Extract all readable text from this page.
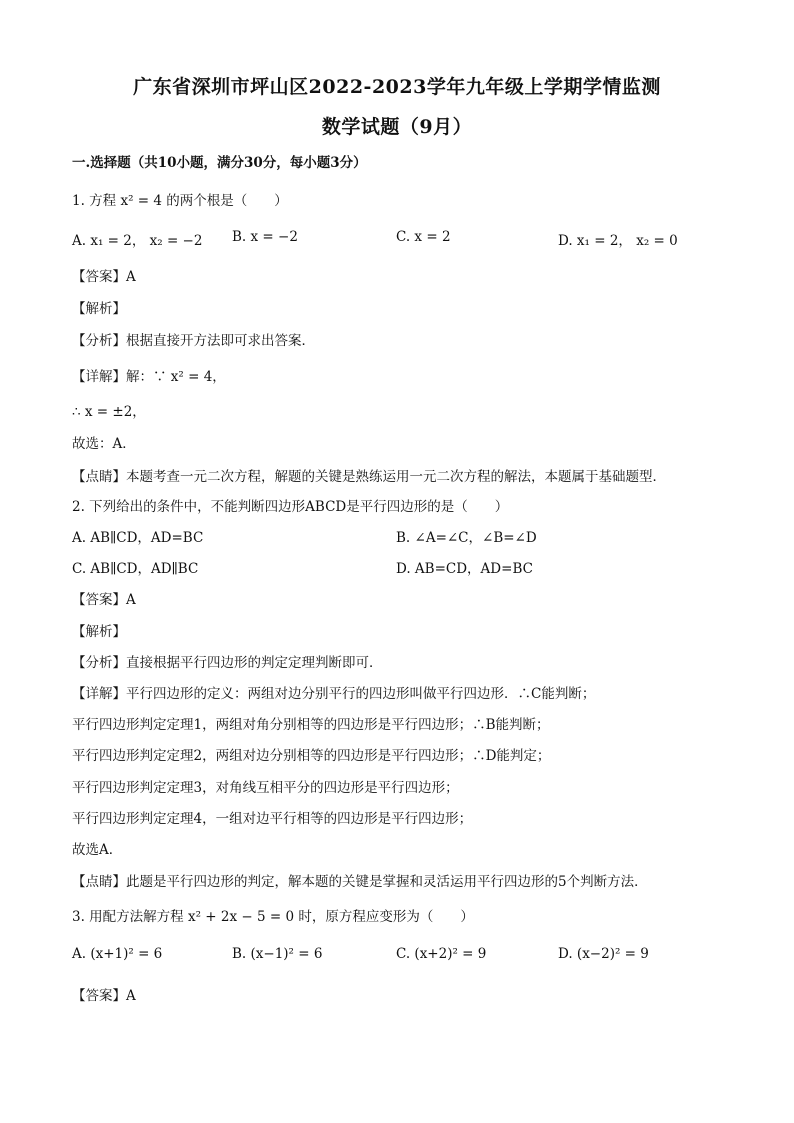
广东省深圳市坪山区2022-2023学年九年级上学期学情监测
数学试题（9月）
一.选择题（共10小题，满分30分，每小题3分）
1. 方程 x² = 4 的两个根是（　　）
A. x₁ = 2， x₂ = −2 B. x = −2	C. x = 2	D. x₁ = 2， x₂ = 0
【答案】A
【解析】
【分析】根据直接开方法即可求出答案．
【详解】解：∵ x² = 4，
∴ x = ±2，
故选：A．
【点睛】本题考查一元二次方程，解题的关键是熟练运用一元二次方程的解法，本题属于基础题型．
2. 下列给出的条件中，不能判断四边形ABCD是平行四边形的是（　　）
A. AB∥CD，AD=BC	B. ∠A=∠C，∠B=∠D
C. AB∥CD，AD∥BC	D. AB=CD，AD=BC
【答案】A
【解析】
【分析】直接根据平行四边形的判定定理判断即可．
【详解】平行四边形的定义：两组对边分别平行的四边形叫做平行四边形．∴C能判断；
平行四边形判定定理1，两组对角分别相等的四边形是平行四边形；∴B能判断；
平行四边形判定定理2，两组对边分别相等的四边形是平行四边形；∴D能判定；
平行四边形判定定理3，对角线互相平分的四边形是平行四边形；
平行四边形判定定理4，一组对边平行相等的四边形是平行四边形；
故选A．
【点睛】此题是平行四边形的判定，解本题的关键是掌握和灵活运用平行四边形的5个判断方法．
3. 用配方法解方程 x² + 2x − 5 = 0 时，原方程应变形为（　　）
A. (x+1)² = 6	B. (x−1)² = 6	C. (x+2)² = 9	D. (x−2)² = 9
【答案】A
